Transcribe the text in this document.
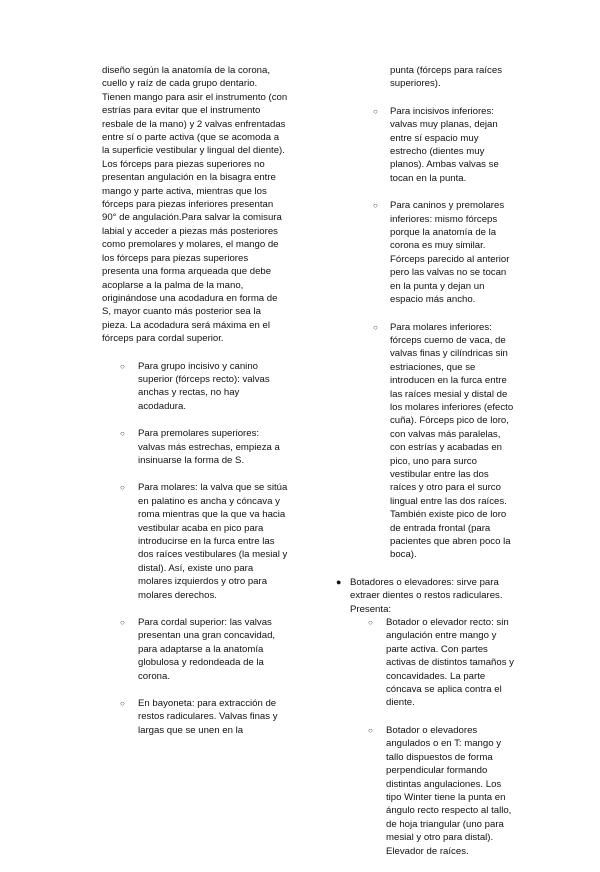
diseño según la anatomía de la corona, cuello y raíz de cada grupo dentario. Tienen mango para asir el instrumento (con estrías para evitar que el instrumento resbale de la mano) y 2 valvas enfrentadas entre sí o parte activa (que se acomoda a la superficie vestibular y lingual del diente). Los fórceps para piezas superiores no presentan angulación en la bisagra entre mango y parte activa, mientras que los fórceps para piezas inferiores presentan 90° de angulación.Para salvar la comisura labial y acceder a piezas más posteriores como premolares y molares, el mango de los fórceps para piezas superiores presenta una forma arqueada que debe acoplarse a la palma de la mano, originándose una acodadura en forma de S, mayor cuanto más posterior sea la pieza. La acodadura será máxima en el fórceps para cordal superior.

○ Para grupo incisivo y canino superior (fórceps recto): valvas anchas y rectas, no hay acodadura.
○ Para premolares superiores: valvas más estrechas, empieza a insinuarse la forma de S.
○ Para molares: la valva que se sitúa en palatino es ancha y cóncava y roma mientras que la que va hacia vestibular acaba en pico para introducirse en la furca entre las dos raíces vestibulares (la mesial y distal). Así, existe uno para molares izquierdos y otro para molares derechos.
○ Para cordal superior: las valvas presentan una gran concavidad, para adaptarse a la anatomía globulosa y redondeada de la corona.
○ En bayoneta: para extracción de restos radiculares. Valvas finas y largas que se unen en la

punta (fórceps para raíces superiores).

○ Para incisivos inferiores: valvas muy planas, dejan entre sí espacio muy estrecho (dientes muy planos). Ambas valvas se tocan en la punta.
○ Para caninos y premolares inferiores: mismo fórceps porque la anatomía de la corona es muy similar. Fórceps parecido al anterior pero las valvas no se tocan en la punta y dejan un espacio más ancho.
○ Para molares inferiores: fórceps cuerno de vaca, de valvas finas y cilíndricas sin estriaciones, que se introducen en la furca entre las raíces mesial y distal de los molares inferiores (efecto cuña). Fórceps pico de loro, con valvas más paralelas, con estrías y acabadas en pico, uno para surco vestibular entre las dos raíces y otro para el surco lingual entre las dos raíces. También existe pico de loro de entrada frontal (para pacientes que abren poco la boca).
● Botadores o elevadores: sirve para extraer dientes o restos radiculares. Presenta:
○ Botador o elevador recto: sin angulación entre mango y parte activa. Con partes activas de distintos tamaños y concavidades. La parte cóncava se aplica contra el diente.
○ Botador o elevadores angulados o en T: mango y tallo dispuestos de forma perpendicular formando distintas angulaciones. Los tipo Winter tiene la punta en ángulo recto respecto al tallo, de hoja triangular (uno para mesial y otro para distal). Elevador de raíces.
